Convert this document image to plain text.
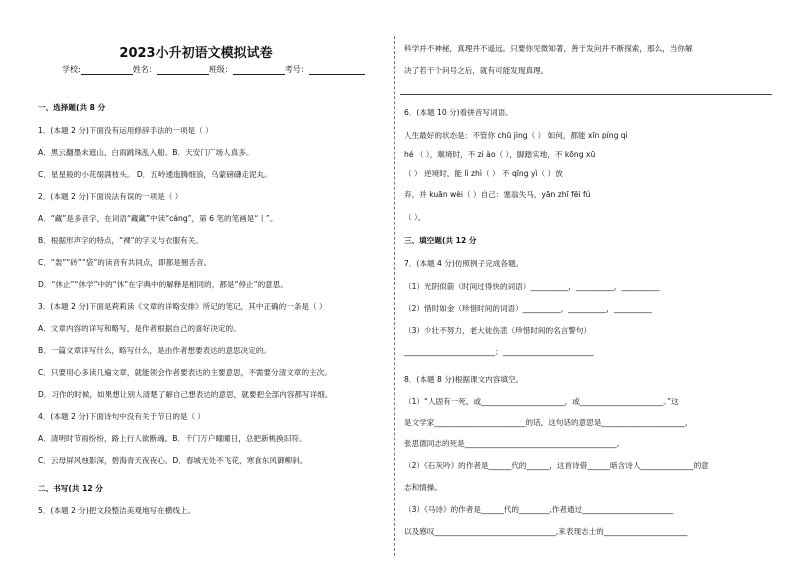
2023小升初语文模拟试卷
学校:	姓名：	班级：	考号：
一、选择题(共 8 分
1．(本题 2 分)下面没有运用修辞手法的一项是（ ）
A．黑云翻墨未遮山，白雨跳珠乱入船。B．天安门广场人真多。
C．星星般的小花缀满枝头。 D．五岭逶迤腾细浪，乌蒙磅礴走泥丸。
2．(本题 2 分)下面说法有误的一项是（ ）
A．“藏”是多音字，在词语“藏藏”中读“cáng”，第 6 笔的笔画是“丨”。
B．根据形声字的特点，“裸”的字义与衣服有关。
C．“轰”“砖”“袋”的读音有共同点，即都是翘舌音。
D．“休止”“休学”中的“休”在字典中的解释是相同的，都是“停止”的意思。
3．(本题 2 分)下面是莉莉读《文章的详略安排》所记的笔记，其中正确的一条是（ ）
A．文章内容的详写和略写，是作者根据自己的喜好决定的。
B．一篇文章详写什么，略写什么，是由作者想要表达的意思决定的。
C．只要用心多读几遍文章，就能领会作者要表达的主要意思，不需要分清文章的主次。
D．习作的时候，如果想让别人清楚了解自己想表达的意思，就要把全部内容都写详细。
4．(本题 2 分)下面诗句中没有关于节日的是（ ）
A．清明时节雨纷纷，路上行人欲断魂。B．千门万户曈曈日，总把新桃换旧符。
C．云母屏风烛影深，碧海青天夜夜心。D．春城无处不飞花，寒食东风御柳斜。
二、书写(共 12 分
5．(本题 2 分)把文段整洁美观地写在横线上。
科学并不神秘，真理并不遥远。只要你见微知著，善于发问并不断探索，那么，当你解
决了若干个问号之后，就有可能发现真理。
6．(本题 10 分)看拼音写词语。
人生最好的状态是：不管你 chū jìng（ ） 如何，都能 xīn píng qì
hé （ ），顺境时，不 zì ào（ ），脚踏实地，不 kōng xū
（ ） 逆境时，能 lì zhì（ ） 不 qīng yì（ ）放
弃，并 kuān wèi（ ）自己：塞翁失马，yān zhī fēi fú
（ ）。
三、填空题(共 12 分
7．(本题 4 分)仿照例子完成各题。
（1）光阴似箭（时间过得快的词语）__________，__________，__________
（2）惜时如金（珍惜时间的词语）__________，__________，__________
（3）少壮不努力，老大徒伤悲（珍惜时间的名言警句）
________________________；________________________
8．(本题 8 分)根据课文内容填空。
（1）“人固有一死，或______________________，或______________________。”这
是文学家________________________的话，这句话的意思是______________________，
张思德同志的死是________________________________________。
（2）《石灰吟》的作者是______代的______，这首诗借______暗含诗人______________的意
志和情操。
（3）《马诗》的作者是______代的________,作者通过________________________
以及感叹________________________________,来表现志士的______________________
